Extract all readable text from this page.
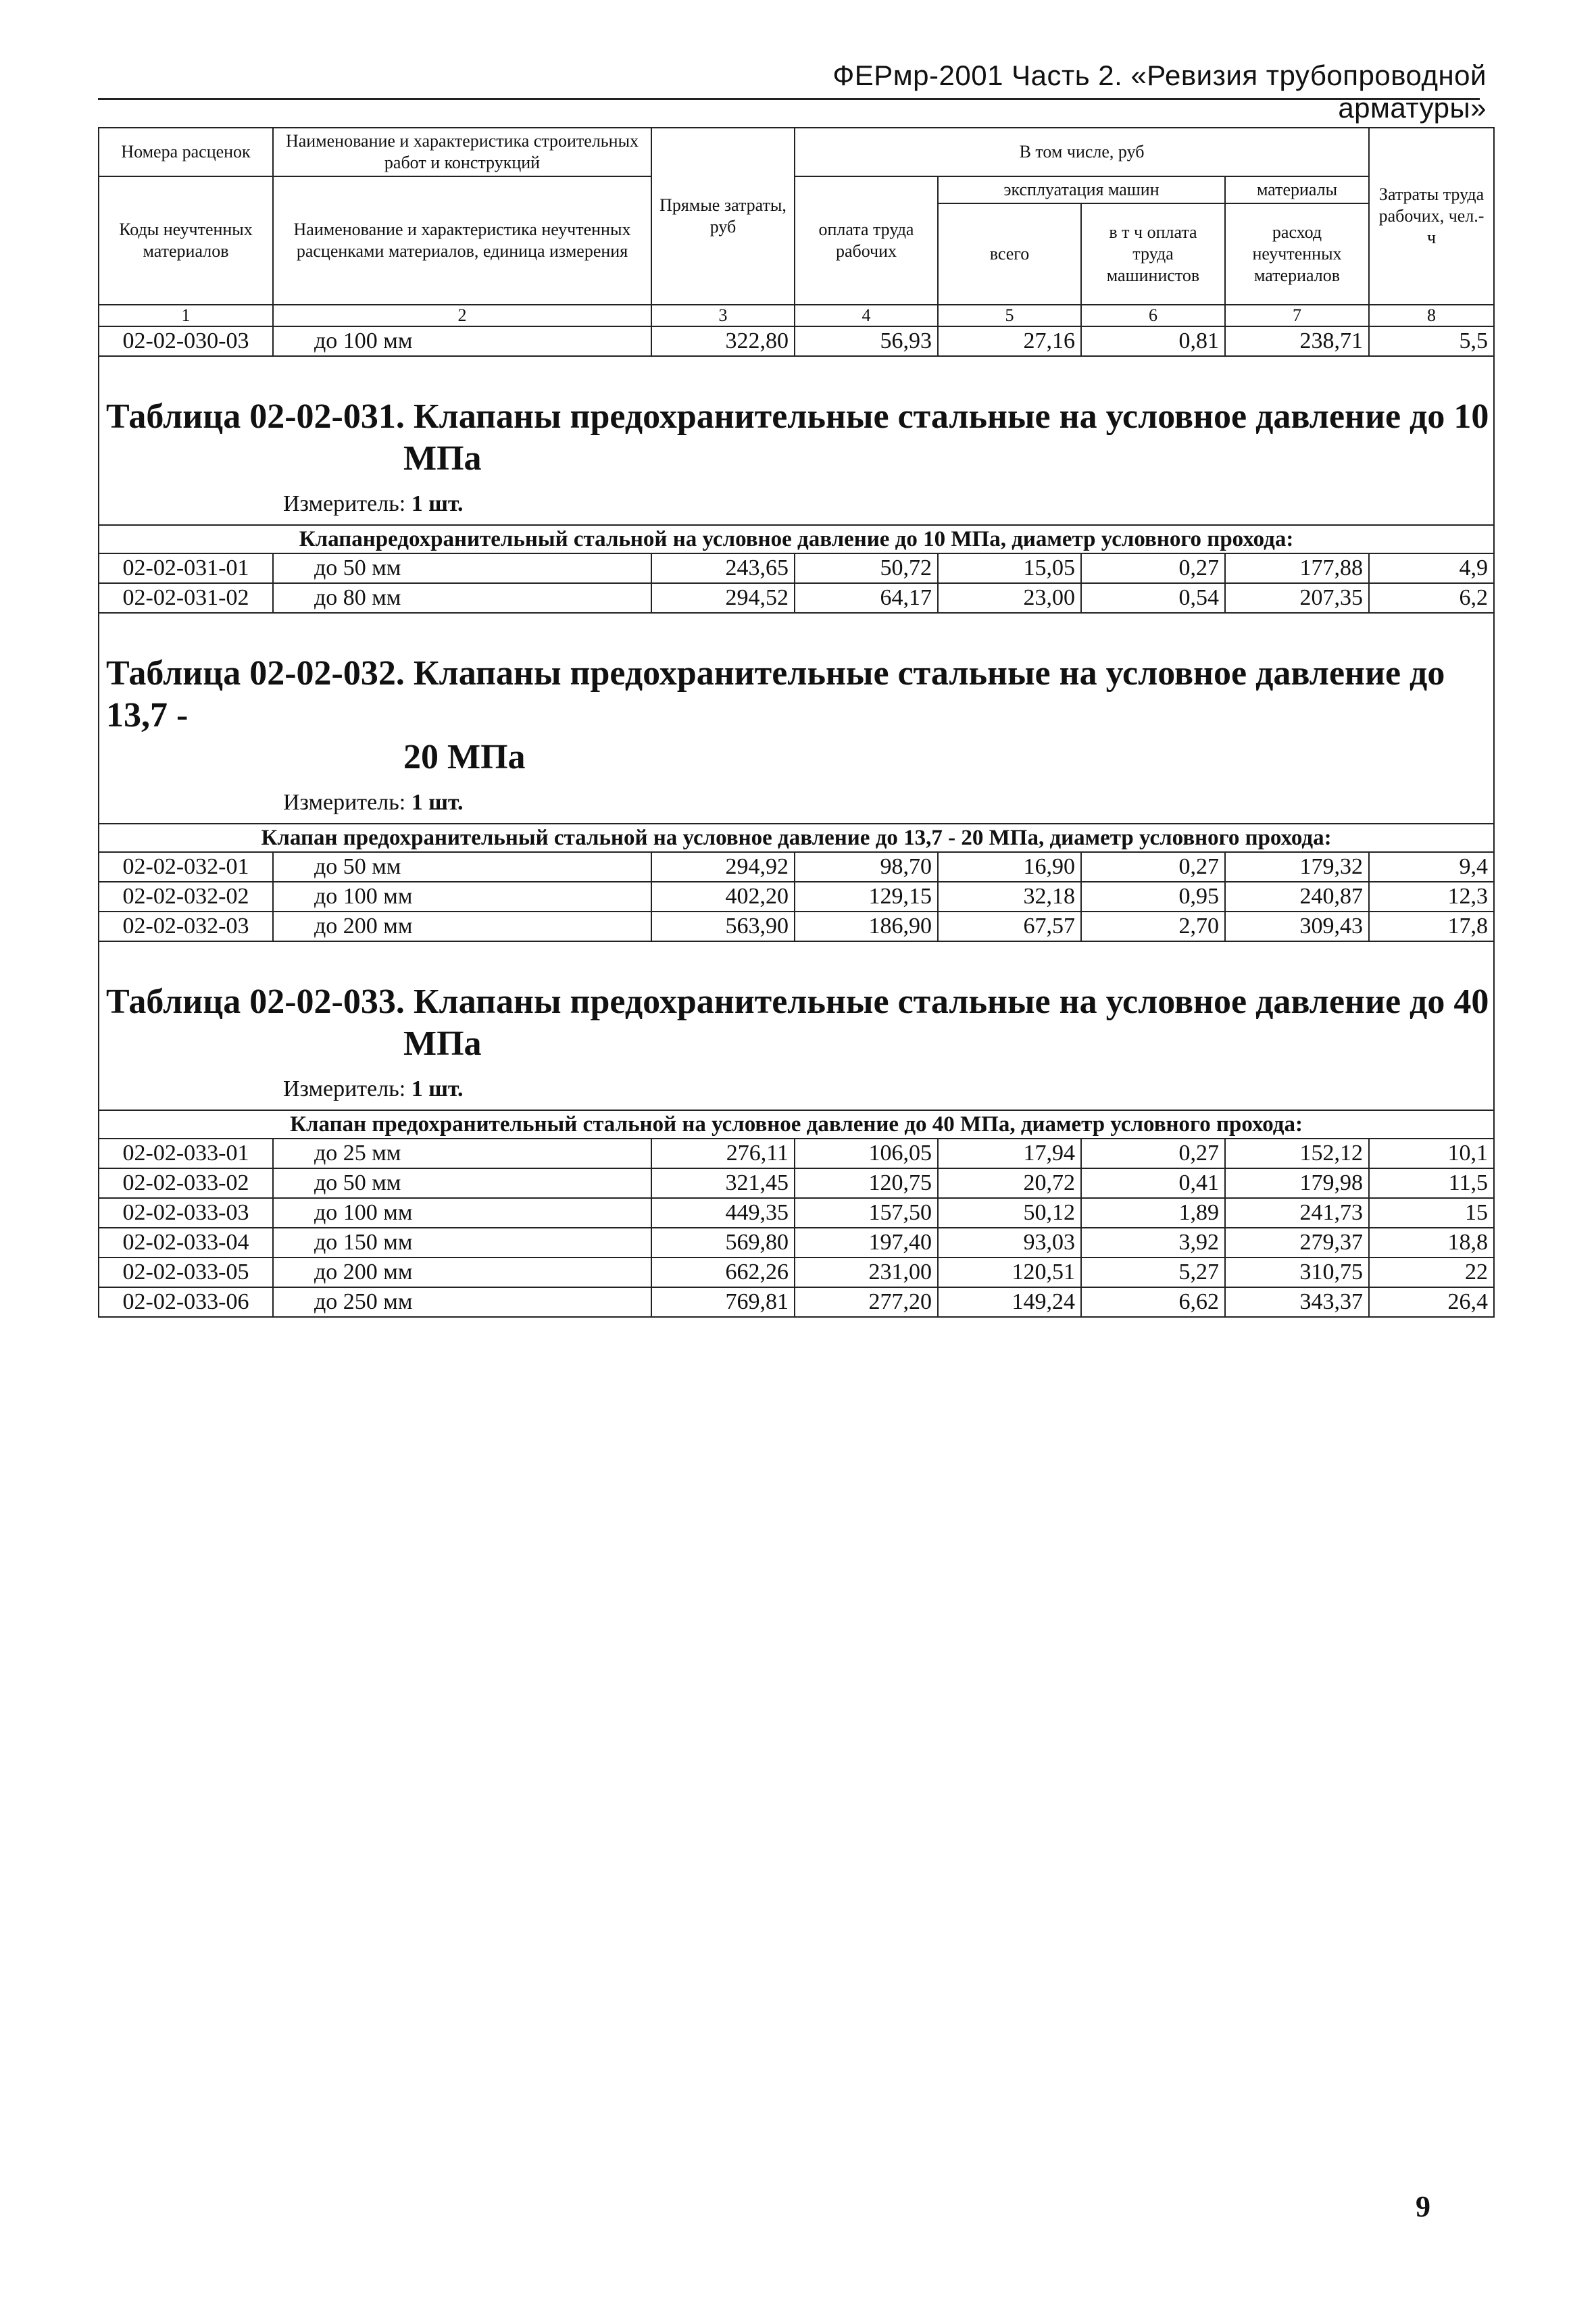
ФЕРмр-2001 Часть 2. «Ревизия трубопроводной арматуры»
Номера расценок	Наименование и характеристика строительных работ и конструкций	Прямые затраты, руб	В том числе, руб				Затраты труда рабочих, чел.-ч
Коды неучтенных материалов	Наименование и характеристика неучтенных расценками материалов, единица измерения		оплата труда рабочих	эксплуатация машин		материалы	
				всего	в т ч оплата труда машинистов	расход неучтенных материалов	
1	2	3	4	5	6	7	8
02-02-030-03	до 100 мм	322,80	56,93	27,16	0,81	238,71	5,5

Таблица 02-02-031. Клапаны предохранительные стальные на условное давление до 10
МПа
Измеритель: 1 шт.							

Клапанредохранительный стальной на условное давление до 10 МПа, диаметр условного прохода:							
02-02-031-01	до 50 мм	243,65	50,72	15,05	0,27	177,88	4,9
02-02-031-02	до 80 мм	294,52	64,17	23,00	0,54	207,35	6,2

Таблица 02-02-032. Клапаны предохранительные стальные на условное давление до 13,7 -
20 МПа
Измеритель: 1 шт.							

Клапан предохранительный стальной на условное давление до 13,7 - 20 МПа, диаметр условного прохода:							
02-02-032-01	до 50 мм	294,92	98,70	16,90	0,27	179,32	9,4
02-02-032-02	до 100 мм	402,20	129,15	32,18	0,95	240,87	12,3
02-02-032-03	до 200 мм	563,90	186,90	67,57	2,70	309,43	17,8

Таблица 02-02-033. Клапаны предохранительные стальные на условное давление до 40
МПа
Измеритель: 1 шт.							

Клапан предохранительный стальной на условное давление до 40 МПа, диаметр условного прохода:							
02-02-033-01	до 25 мм	276,11	106,05	17,94	0,27	152,12	10,1
02-02-033-02	до 50 мм	321,45	120,75	20,72	0,41	179,98	11,5
02-02-033-03	до 100 мм	449,35	157,50	50,12	1,89	241,73	15
02-02-033-04	до 150 мм	569,80	197,40	93,03	3,92	279,37	18,8
02-02-033-05	до 200 мм	662,26	231,00	120,51	5,27	310,75	22
02-02-033-06	до 250 мм	769,81	277,20	149,24	6,62	343,37	26,4
9
